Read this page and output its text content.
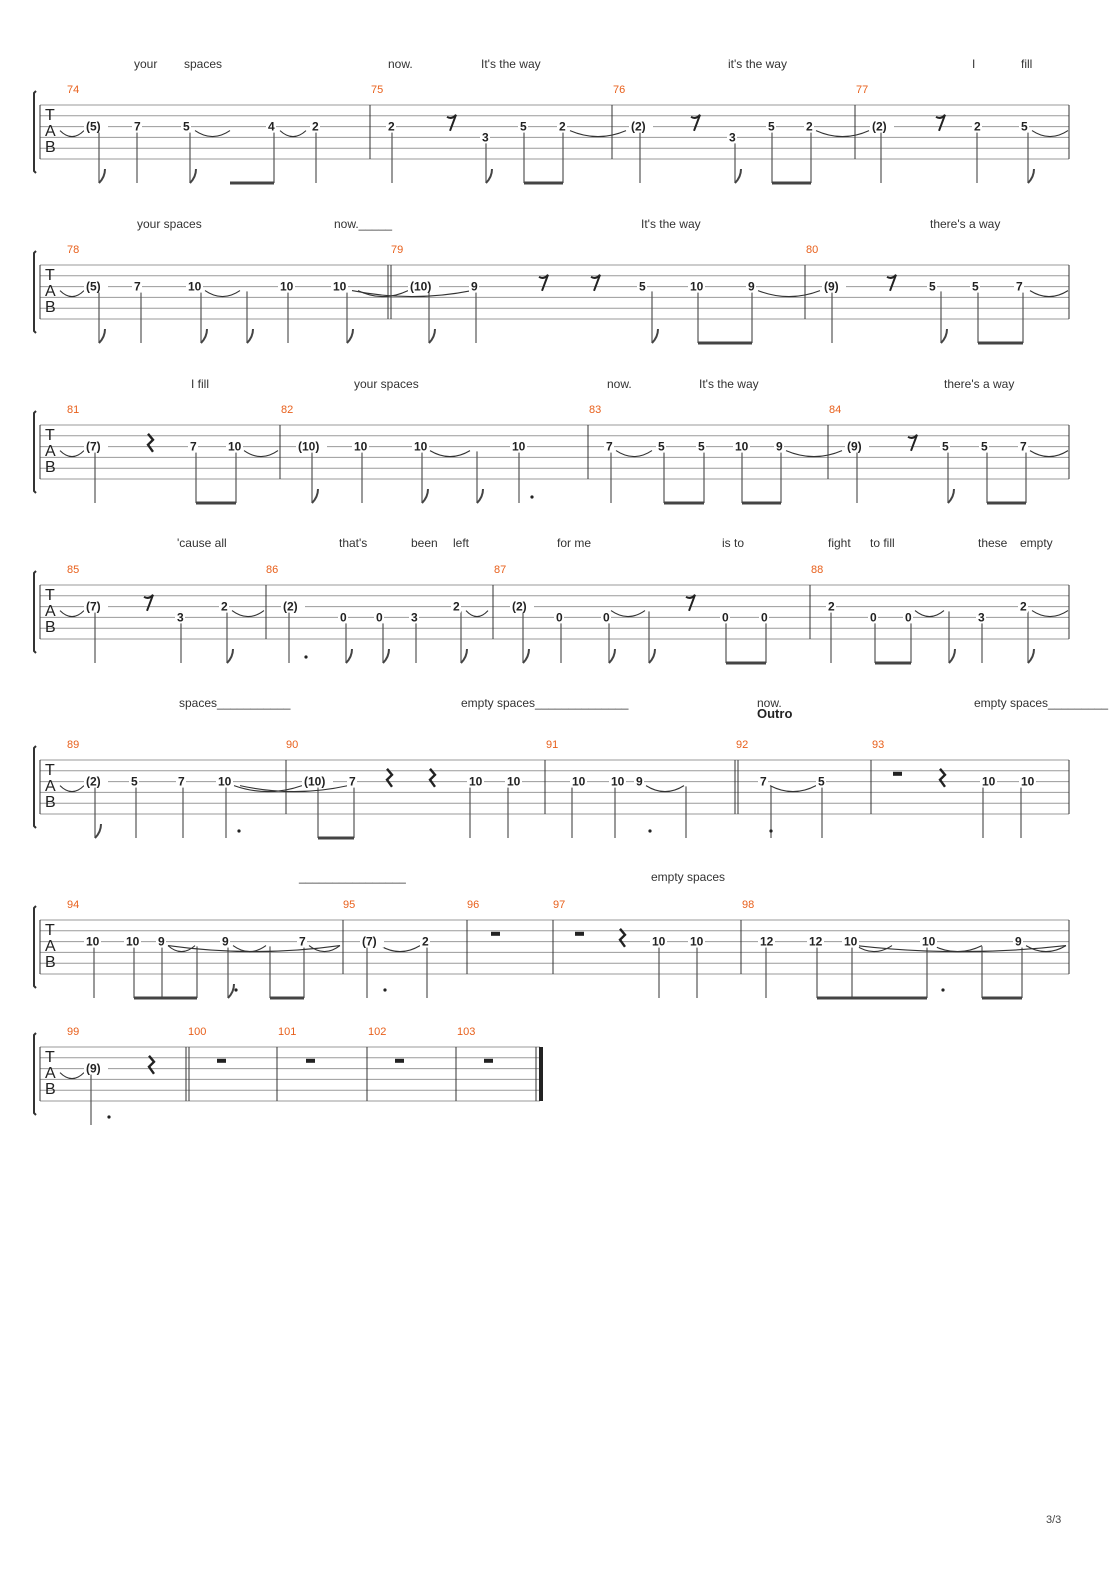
T
A
B
74	75	76	77
your spaces	now.	It's the way	it's the way	I	fill
(5)	7	5	4	2	2
3
5	2	(2)
3
5	2	(2)	2	5
T
A
B
78	79	80
your spaces	now._____	It's the way	there's a way
(5)	7	10	10	10	(10)	9	5	10	9	(9)	5	5	7
T
A
B
81	82	83	84
I fill	your spaces	now.	It's the way	there's a way
(7)	7	10	(10)	10	10	10	7	5	5	10 9	(9)	5	5	7
T
A
B
85	86	87	88
'cause all	that's	been left	for me	is to	fight to fill	these empty
(7)
3
2	(2)
0 0 3
2	(2)
0	0	0	0
2
0 0	3
2
T
A
B
89	90	91	92	93
spaces___________	empty spaces______________	now.	empty spaces_________
Outro
(2)	5	7	10	(10) 7	10 10	10 10 9	7	5	10 10
T
A
B
94	95	96	97	98
________________	empty spaces
10 10 9	9	7	(7)	2	10 10	12	12 10	10	9
T
A
B
99	100	101	102	103
(9)
3/3
